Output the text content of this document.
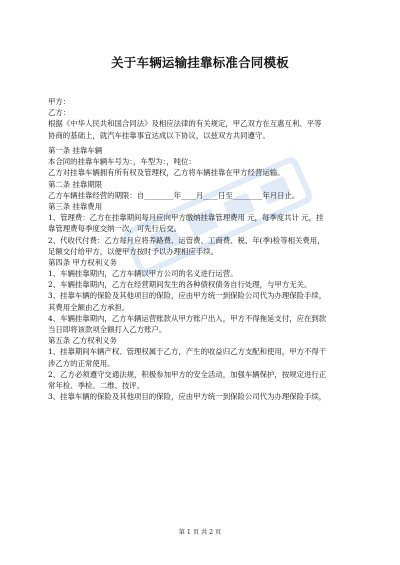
关于车辆运输挂靠标准合同模板
甲方：
乙方：
根据《中华人民共和国合同法》及相应法律的有关规定，甲乙双方在互惠互利、平等
协商的基础上，就汽车挂靠事宜达成以下协议，以兹双方共同遵守。
第一条 挂靠车辆
本合同的挂靠车辆车号为：，车型为：，吨位：
乙方对挂靠车辆拥有所有权及管理权，乙方将车辆挂靠在甲方经营运输。
第二条 挂靠期限
乙方车辆挂靠经营的期限：自________年____月____日至________年月日止。
第三条 挂靠费用
1、管理费：乙方在挂靠期间每月应向甲方缴纳挂靠管理费用 元，每季度共计 元，挂
靠管理费每季度交纳一次，可先行后交。
2、代收代付费：乙方每月应将养路费、运管费、工商费、税、年(季)检等相关费用，
足额交付给甲方，以便甲方按时予以办理相应手续。
第四条 甲方权利义务
1、车辆挂靠期内，乙方车辆以甲方公司的名义进行运营。
2、车辆挂靠期内，乙方在经营期间发生的各种债权债务自行处理，与甲方无关。
3、挂靠车辆的保险及其他项目的保险，应由甲方统一到保险公司代为办理保险手续，
其费用全额由乙方承担。
4、车辆挂靠期内，乙方车辆运营账款从甲方账户出入，甲方不得拖延支付，应在到款
当日即将该款项全额打入乙方账户。
第五条 乙方权利义务
1、挂靠期间车辆产权、管理权属于乙方，产生的收益归乙方支配和使用，甲方不得干
涉乙方的正常使用。
2、乙方必须遵守交通法规，积极参加甲方的安全活动，加强车辆保护，按规定进行正
常年检、季检、二维、技评。
3、挂靠车辆的保险及其他项目的保险，应由甲方统一到保险公司代为办理保险手续，
第 1 页 共 2 页
